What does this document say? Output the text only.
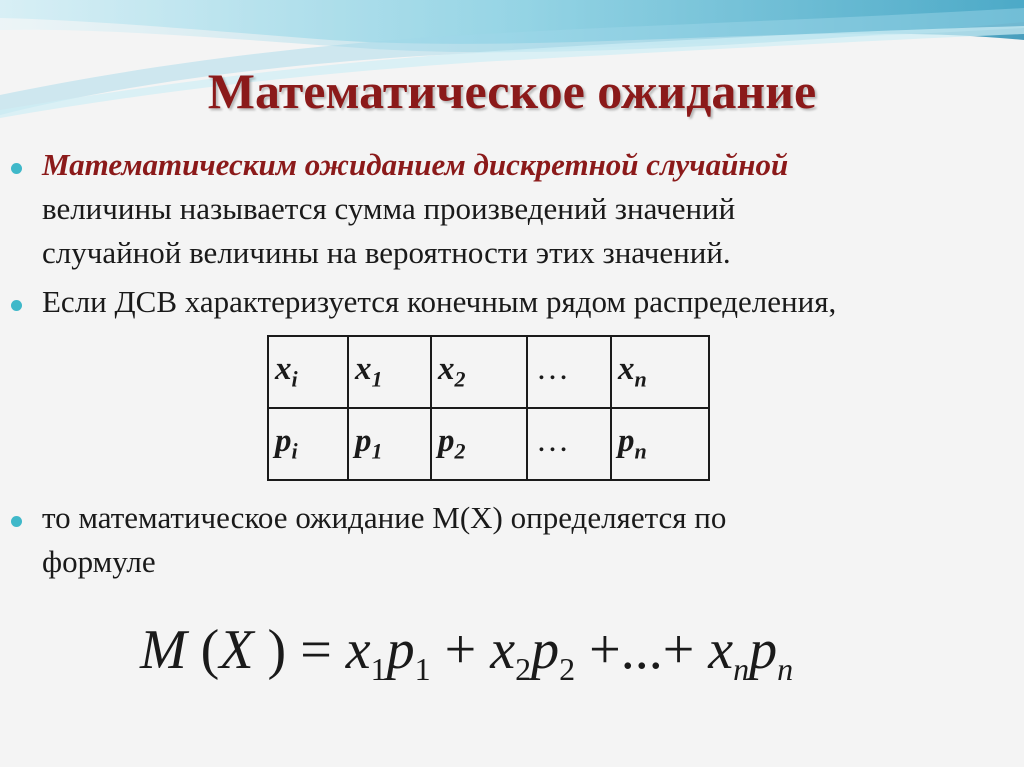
Математическое ожидание
Математическим ожиданием дискретной случайной
величины называется сумма произведений значений
случайной величины на вероятности этих значений.
Если ДСВ характеризуется конечным рядом распределения,
$x_i$	$x_1$	$x_2$	…	$x_n$
$p_i$	$p_1$	$p_2$	…	$p_n$
то математическое ожидание М(Х) определяется по
формуле
M (X ) = $x_1p_1 + x_2p_2$ +...+ $x_np_n$
